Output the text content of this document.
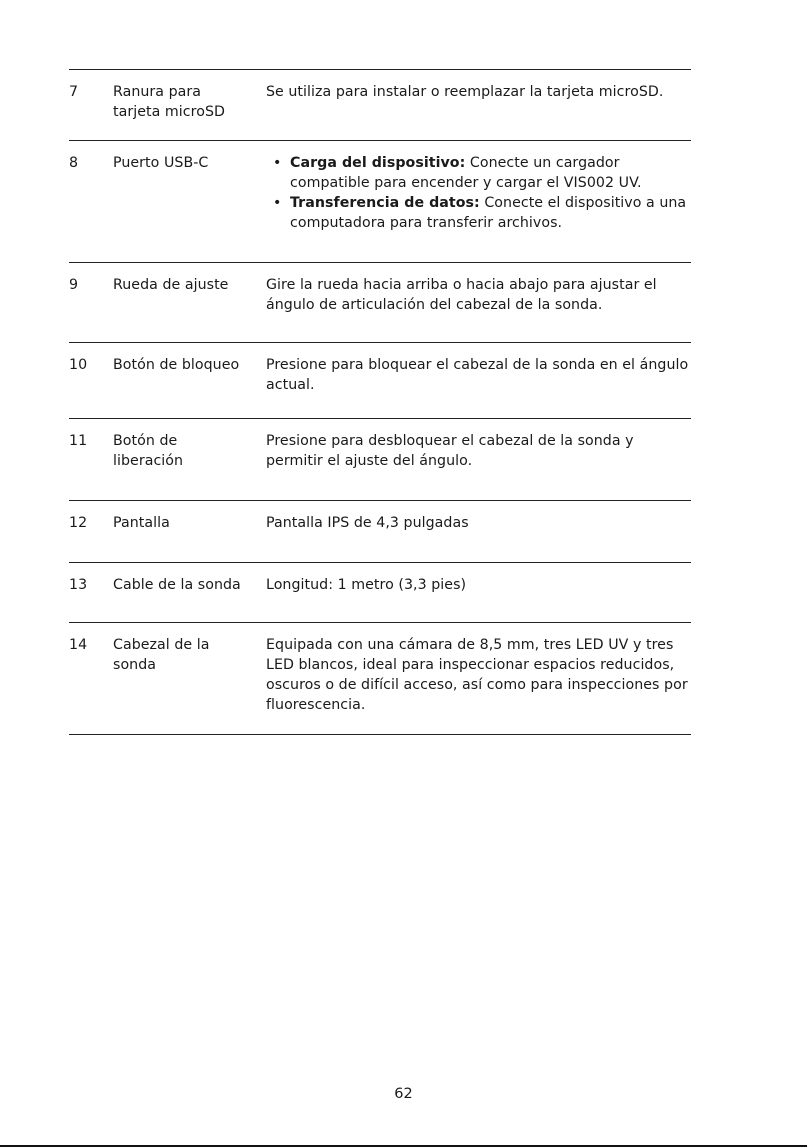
7	Ranura para
tarjeta microSD
Se utiliza para instalar o reemplazar la tarjeta microSD.
8	Puerto USB-C
•	Carga del dispositivo: Conecte un cargador compatible para encender y cargar el VIS002 UV.
• Transferencia de datos: Conecte el dispositivo a una computadora para transferir archivos.
9	Rueda de ajuste	Gire la rueda hacia arriba o hacia abajo para ajustar el ángulo de articulación del cabezal de la sonda.
10	Botón de bloqueo	Presione para bloquear el cabezal de la sonda en el ángulo actual.
11	Botón de
liberación
Presione para desbloquear el cabezal de la sonda y permitir el ajuste del ángulo.
12	Pantalla	Pantalla IPS de 4,3 pulgadas
13	Cable de la sonda	Longitud: 1 metro (3,3 pies)
14	Cabezal de la
sonda
Equipada con una cámara de 8,5 mm, tres LED UV y tres LED blancos, ideal para inspeccionar espacios reducidos, oscuros o de difícil acceso, así como para inspecciones por fluorescencia.
62
